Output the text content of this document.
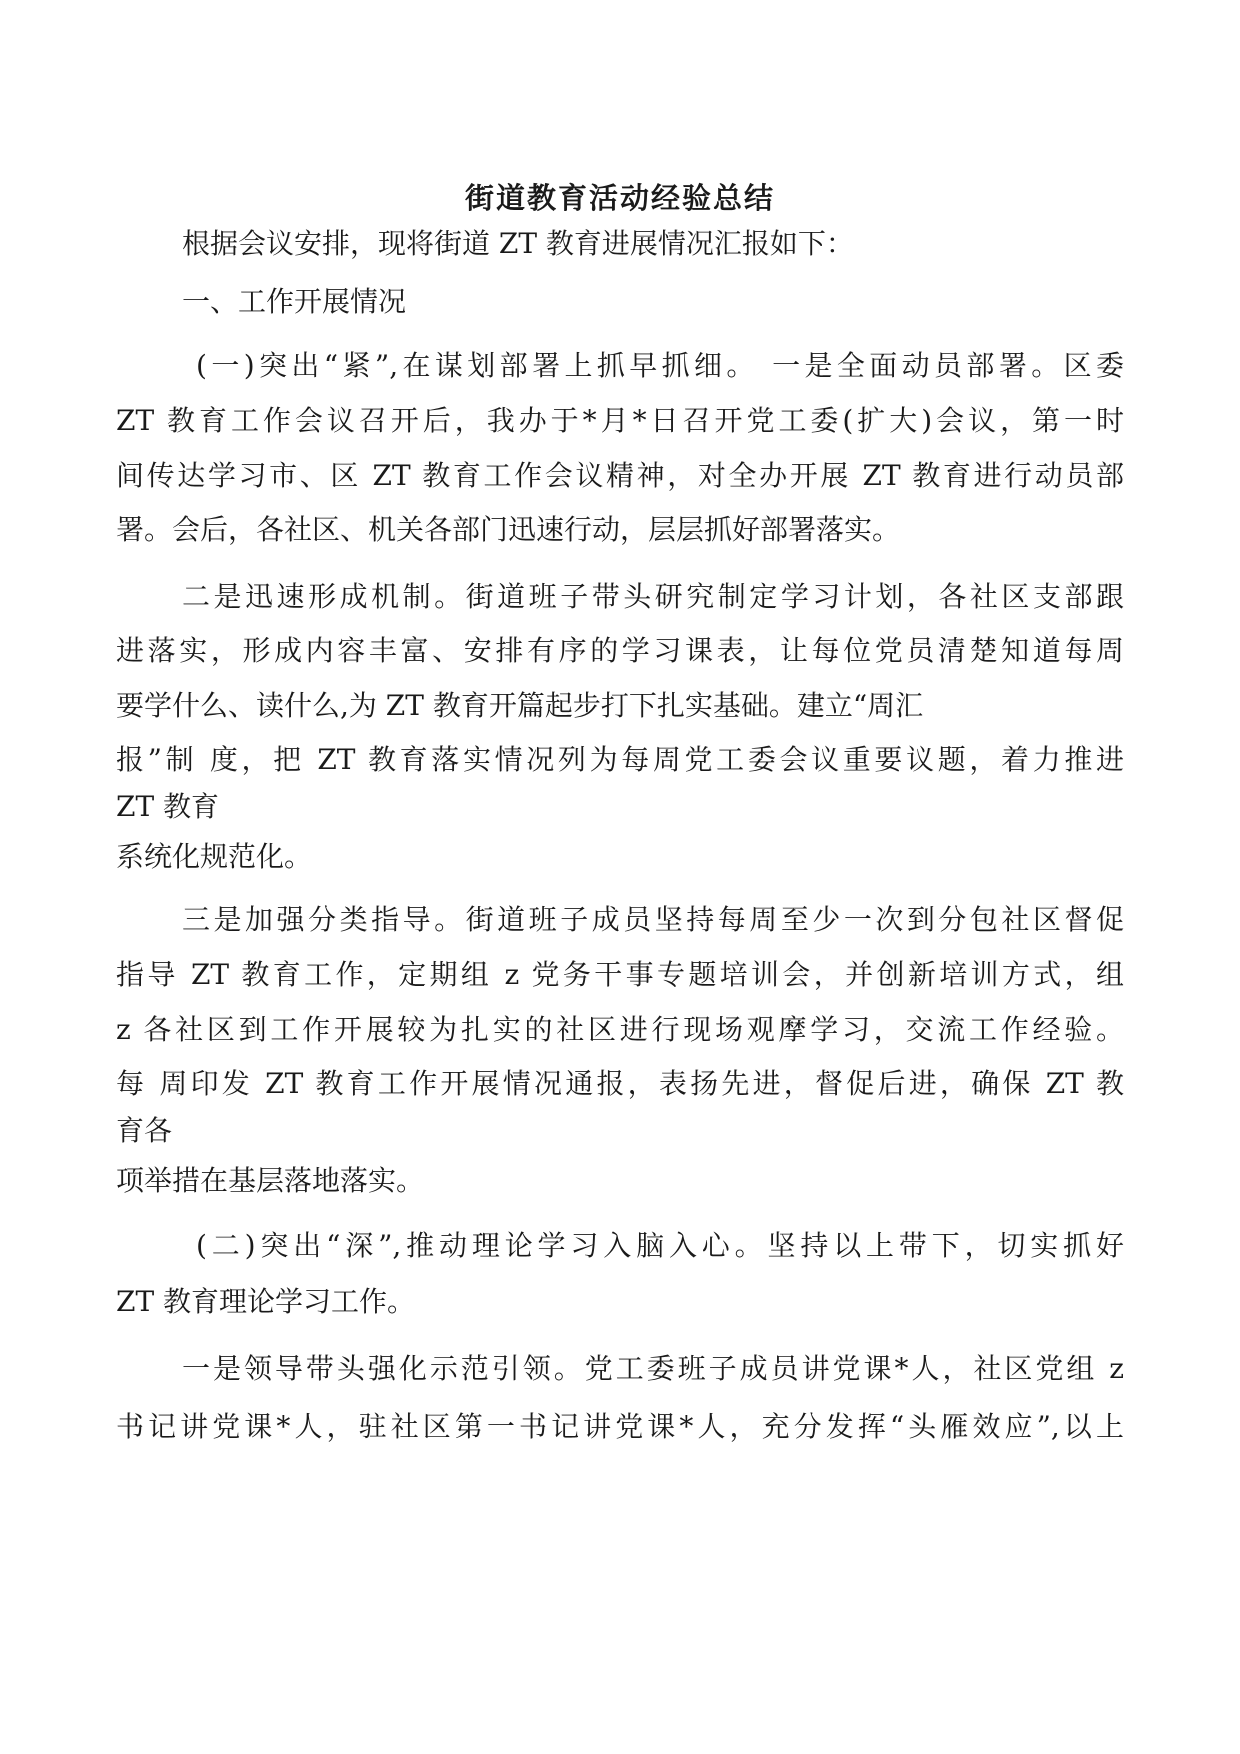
街道教育活动经验总结
根据会议安排，现将街道 ZT 教育进展情况汇报如下：
一、工作开展情况
(一)突出“紧”,在谋划部署上抓早抓细。 一是全面动员部署。区委
ZT 教育工作会议召开后，我办于*月*日召开党工委(扩大)会议，第一时
间传达学习市、区 ZT 教育工作会议精神，对全办开展 ZT 教育进行动员部
署。会后，各社区、机关各部门迅速行动，层层抓好部署落实。
二是迅速形成机制。街道班子带头研究制定学习计划，各社区支部跟
进落实，形成内容丰富、安排有序的学习课表，让每位党员清楚知道每周
要学什么、读什么,为 ZT 教育开篇起步打下扎实基础。建立“周汇
报”制 度，把 ZT 教育落实情况列为每周党工委会议重要议题，着力推进
ZT 教育
系统化规范化。
三是加强分类指导。街道班子成员坚持每周至少一次到分包社区督促
指导 ZT 教育工作，定期组 z 党务干事专题培训会，并创新培训方式，组
z 各社区到工作开展较为扎实的社区进行现场观摩学习，交流工作经验。
每 周印发 ZT 教育工作开展情况通报，表扬先进，督促后进，确保 ZT 教
育各
项举措在基层落地落实。
(二)突出“深”,推动理论学习入脑入心。坚持以上带下，切实抓好
ZT 教育理论学习工作。
一是领导带头强化示范引领。党工委班子成员讲党课*人，社区党组 z
书记讲党课*人，驻社区第一书记讲党课*人，充分发挥“头雁效应”,以上
